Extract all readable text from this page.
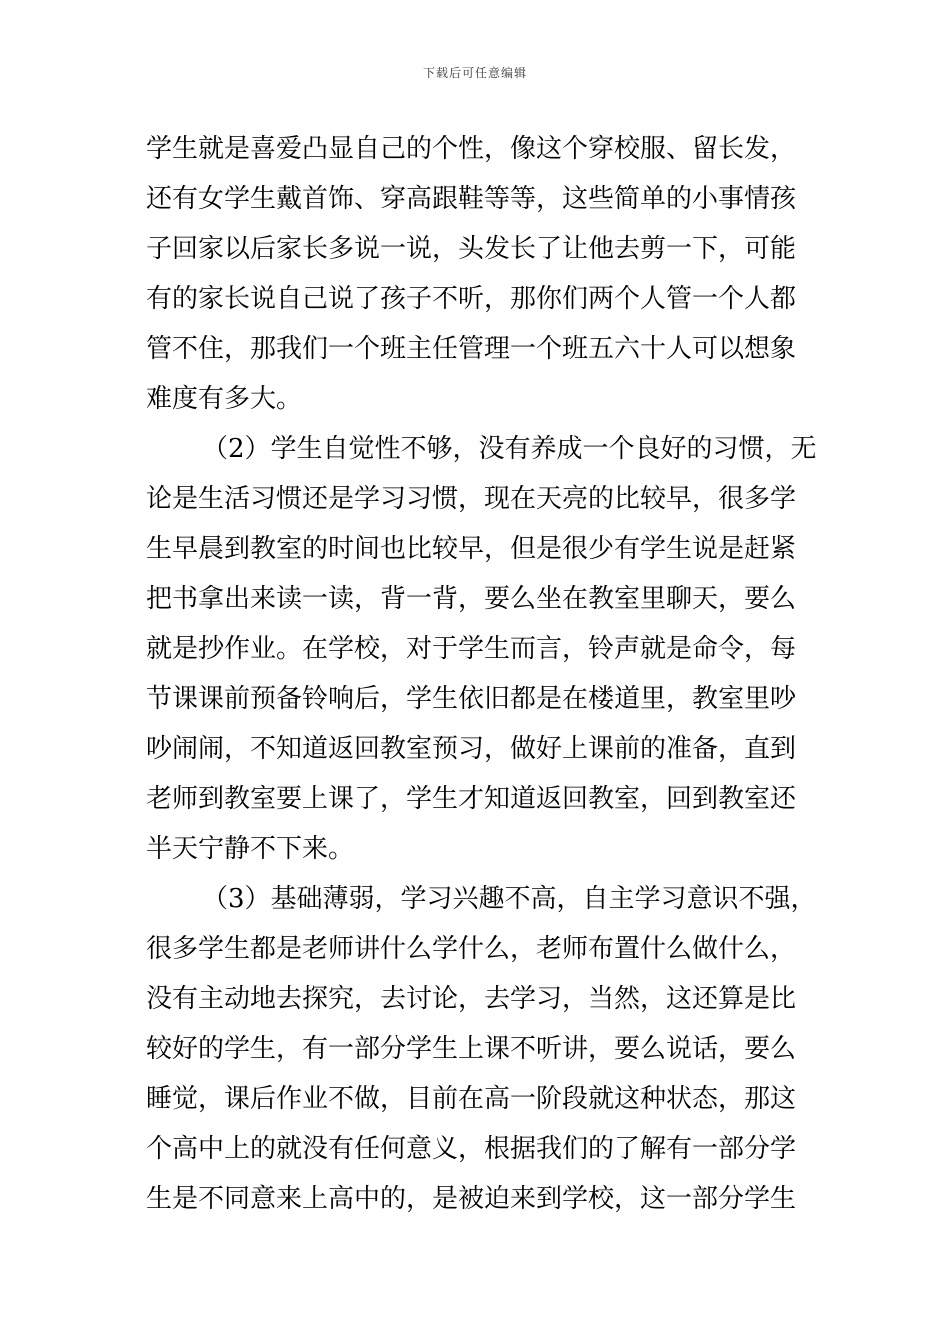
下载后可任意编辑

学生就是喜爱凸显自己的个性，像这个穿校服、留长发，
还有女学生戴首饰、穿高跟鞋等等，这些简单的小事情孩
子回家以后家长多说一说，头发长了让他去剪一下，可能
有的家长说自己说了孩子不听，那你们两个人管一个人都
管不住，那我们一个班主任管理一个班五六十人可以想象
难度有多大。

（2）学生自觉性不够，没有养成一个良好的习惯，无
论是生活习惯还是学习习惯，现在天亮的比较早，很多学
生早晨到教室的时间也比较早，但是很少有学生说是赶紧
把书拿出来读一读，背一背，要么坐在教室里聊天，要么
就是抄作业。在学校，对于学生而言，铃声就是命令，每
节课课前预备铃响后，学生依旧都是在楼道里，教室里吵
吵闹闹，不知道返回教室预习，做好上课前的准备，直到
老师到教室要上课了，学生才知道返回教室，回到教室还
半天宁静不下来。

（3）基础薄弱，学习兴趣不高，自主学习意识不强，
很多学生都是老师讲什么学什么，老师布置什么做什么，
没有主动地去探究，去讨论，去学习，当然，这还算是比
较好的学生，有一部分学生上课不听讲，要么说话，要么
睡觉，课后作业不做，目前在高一阶段就这种状态，那这
个高中上的就没有任何意义，根据我们的了解有一部分学
生是不同意来上高中的，是被迫来到学校，这一部分学生
